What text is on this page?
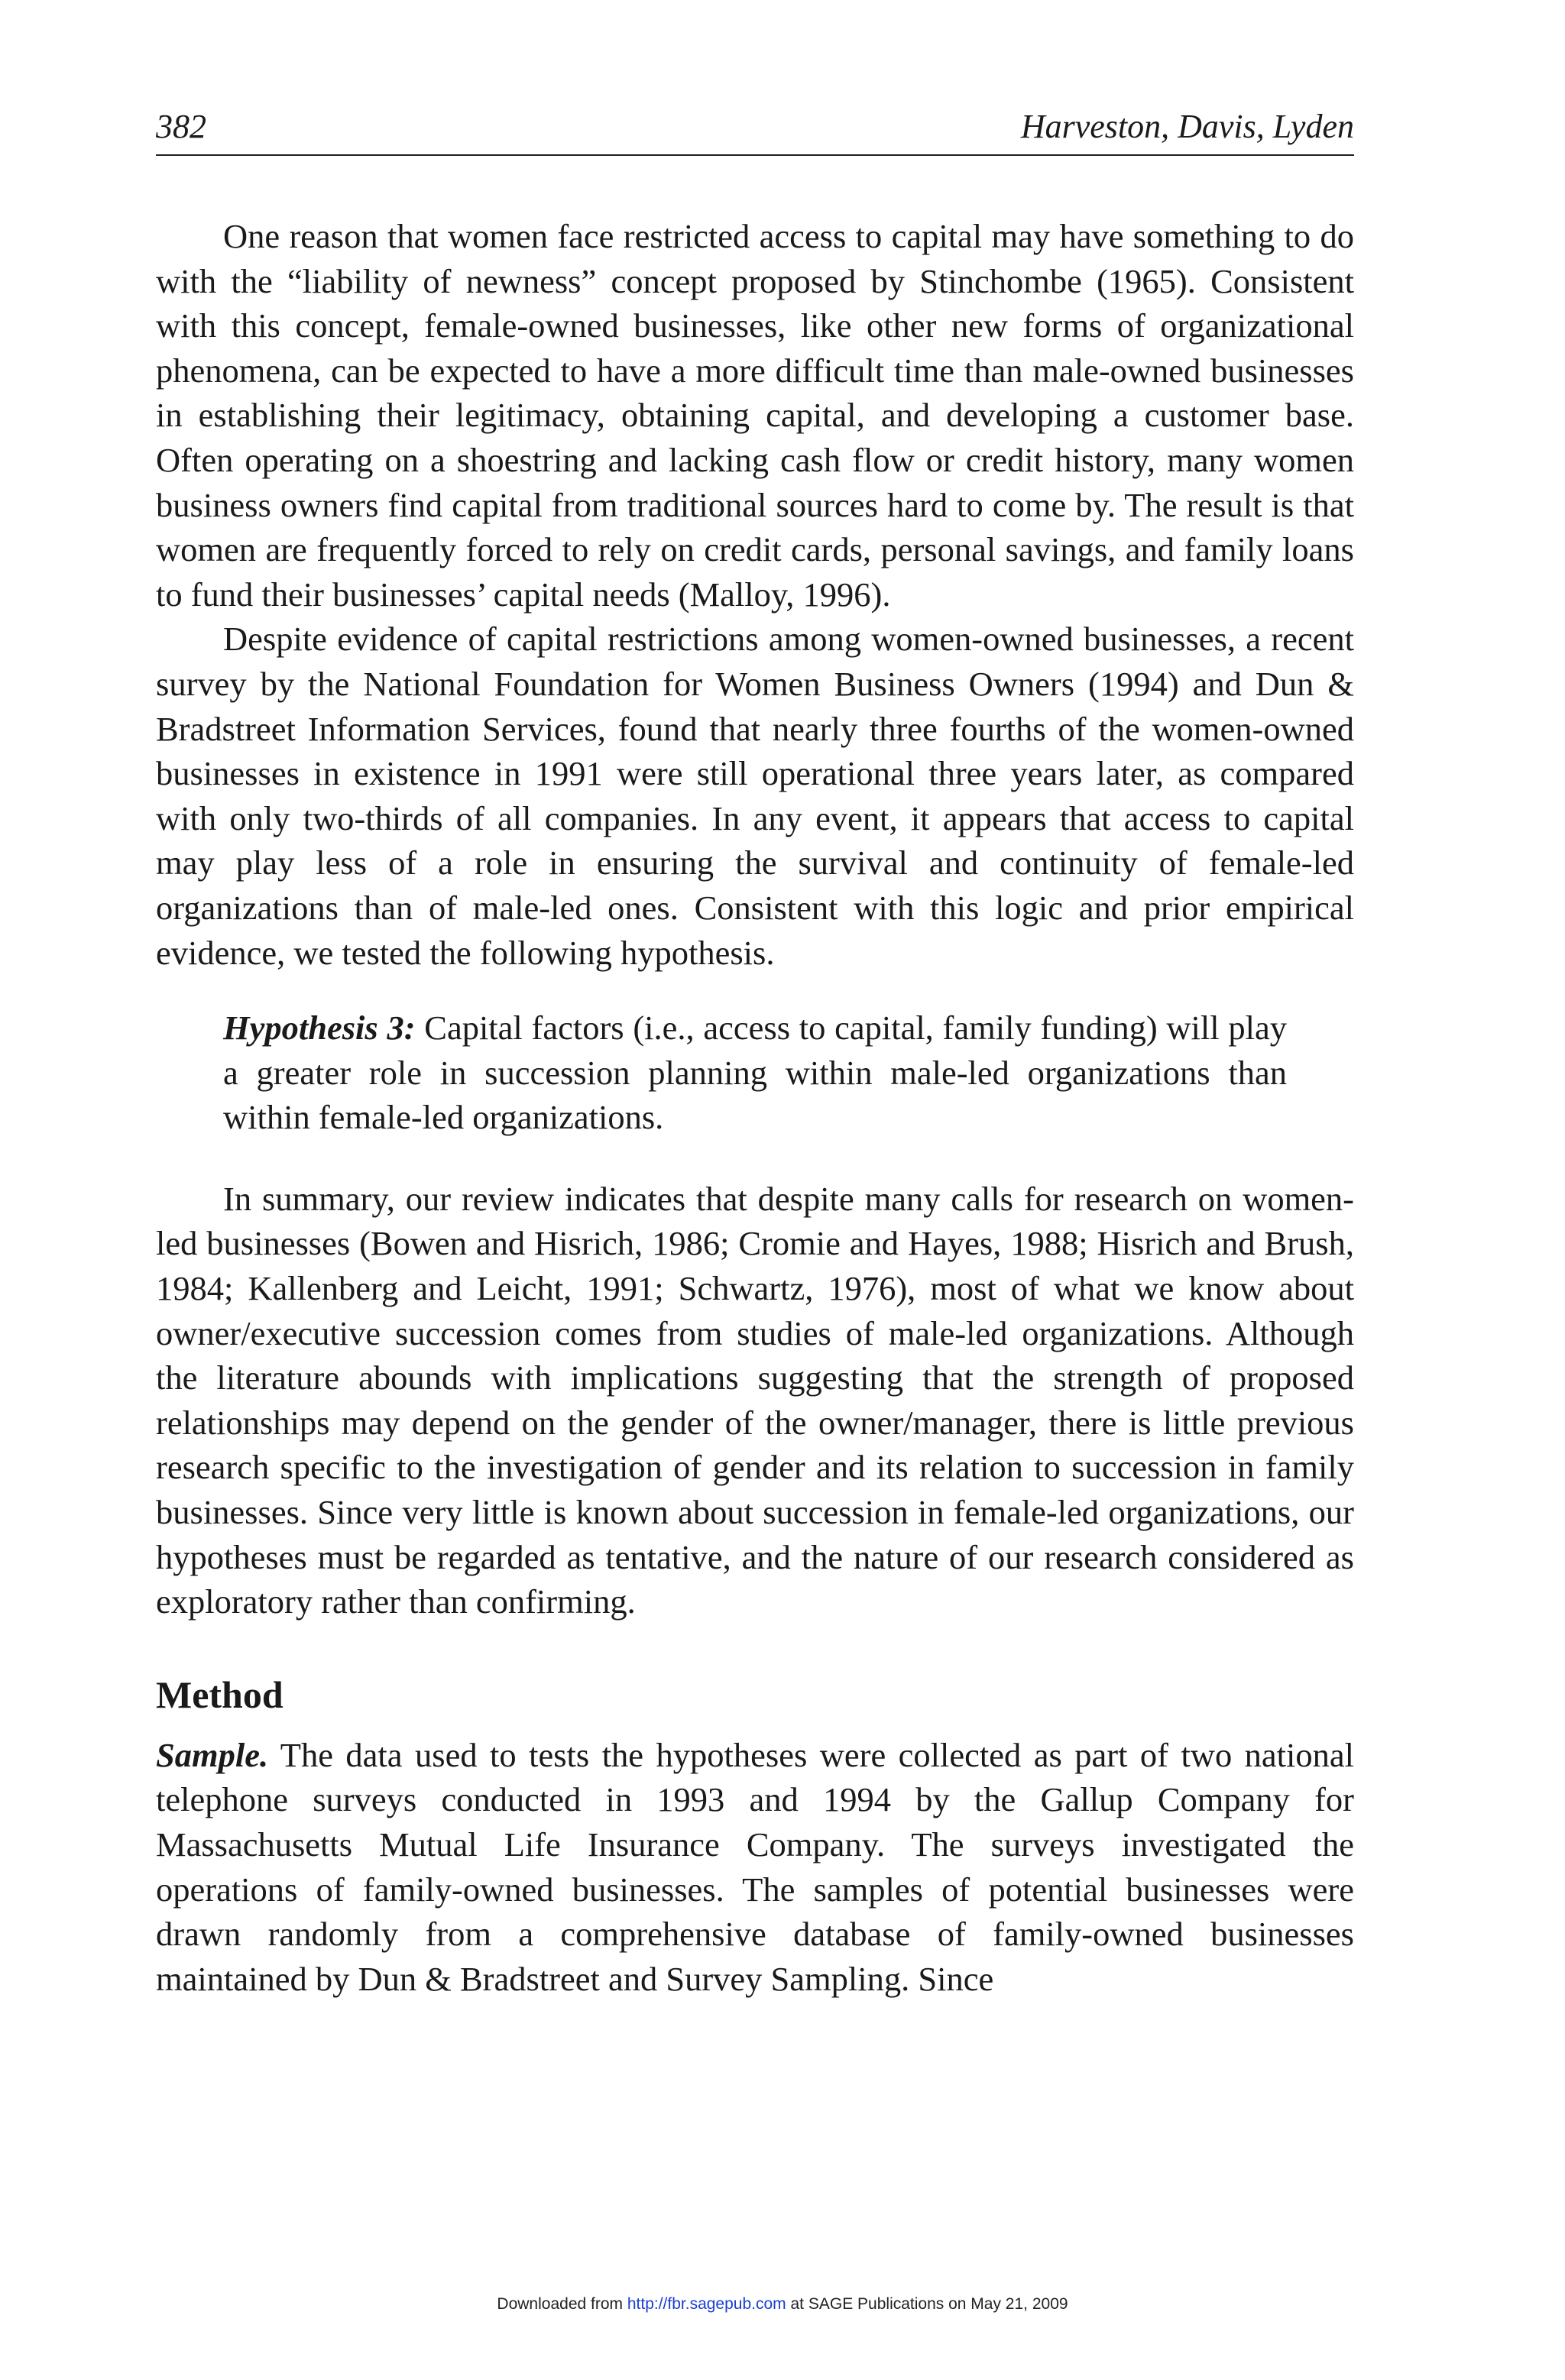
382	Harveston, Davis, Lyden

One reason that women face restricted access to capital may have something to do with the “liability of newness” concept proposed by Stinchombe (1965). Consistent with this concept, female-owned businesses, like other new forms of organizational phenomena, can be expected to have a more difficult time than male-owned businesses in establishing their legitimacy, obtaining capital, and developing a customer base. Often operating on a shoestring and lacking cash flow or credit history, many women business owners find capital from traditional sources hard to come by. The result is that women are frequently forced to rely on credit cards, personal savings, and family loans to fund their businesses’ capital needs (Malloy, 1996).

Despite evidence of capital restrictions among women-owned businesses, a recent survey by the National Foundation for Women Business Owners (1994) and Dun & Bradstreet Information Services, found that nearly three fourths of the women-owned businesses in existence in 1991 were still operational three years later, as compared with only two-thirds of all companies. In any event, it appears that access to capital may play less of a role in ensuring the survival and continuity of female-led organizations than of male-led ones. Consistent with this logic and prior empirical evidence, we tested the following hypothesis.

Hypothesis 3: Capital factors (i.e., access to capital, family funding) will play a greater role in succession planning within male-led organizations than within female-led organizations.

In summary, our review indicates that despite many calls for research on women-led businesses (Bowen and Hisrich, 1986; Cromie and Hayes, 1988; Hisrich and Brush, 1984; Kallenberg and Leicht, 1991; Schwartz, 1976), most of what we know about owner/executive succession comes from studies of male-led organizations. Although the literature abounds with implications suggesting that the strength of proposed relationships may depend on the gender of the owner/manager, there is little previous research specific to the investigation of gender and its relation to succession in family businesses. Since very little is known about succession in female-led organizations, our hypotheses must be regarded as tentative, and the nature of our research considered as exploratory rather than confirming.

Method

Sample. The data used to tests the hypotheses were collected as part of two national telephone surveys conducted in 1993 and 1994 by the Gallup Company for Massachusetts Mutual Life Insurance Company. The surveys investigated the operations of family-owned businesses. The samples of potential businesses were drawn randomly from a comprehensive database of family-owned businesses maintained by Dun & Bradstreet and Survey Sampling. Since

Downloaded from http://fbr.sagepub.com at SAGE Publications on May 21, 2009
